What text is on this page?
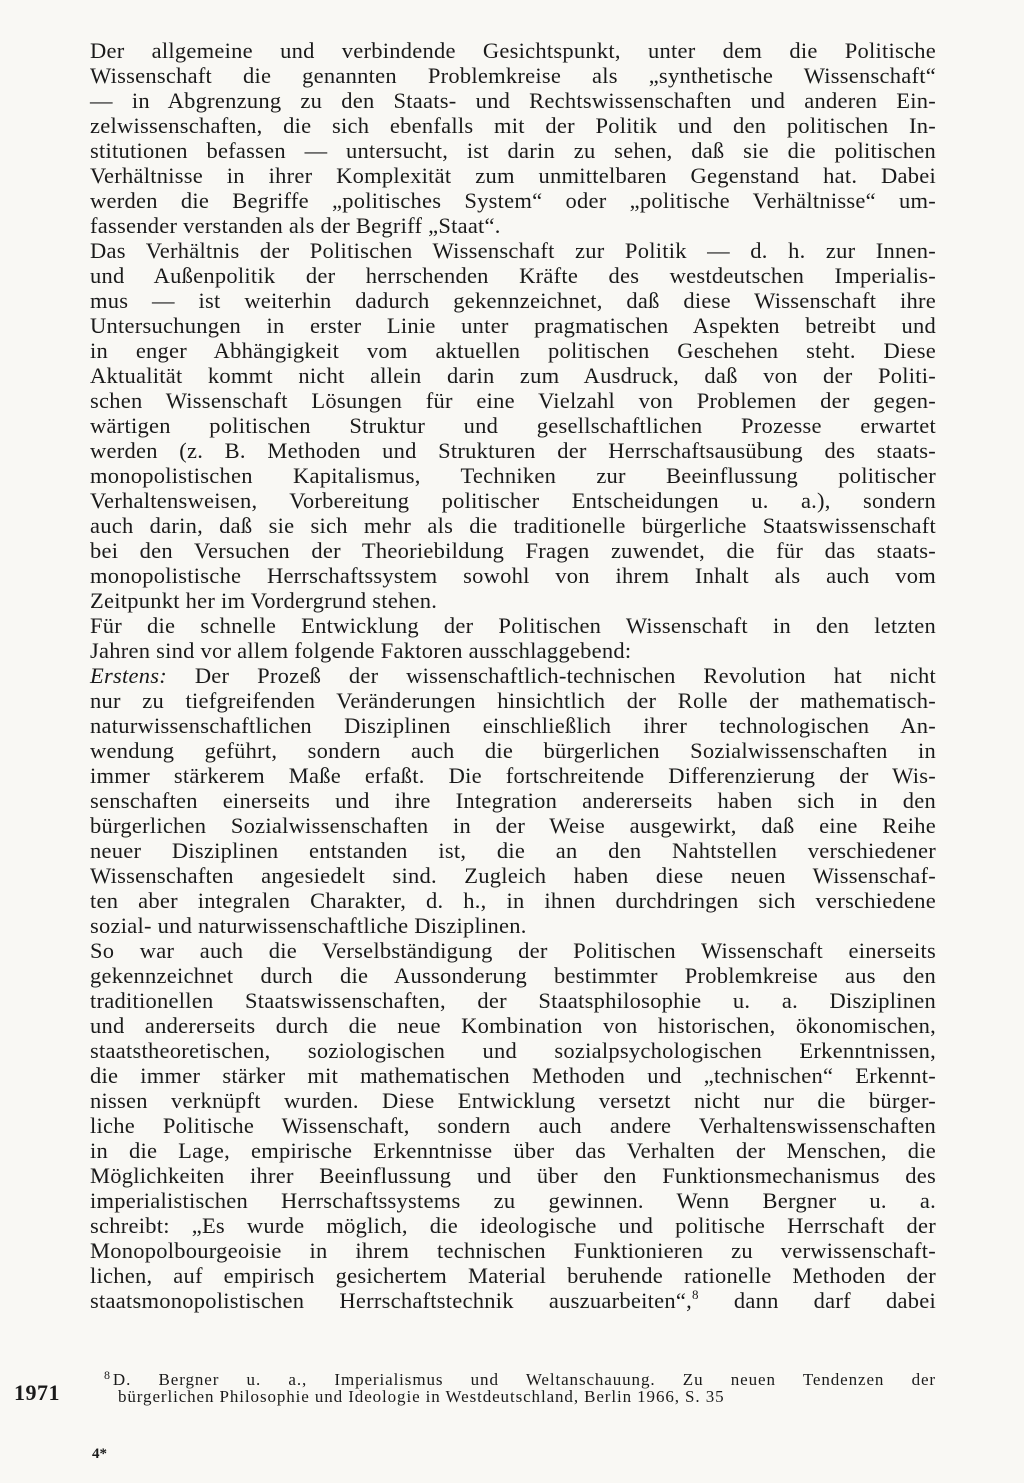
Der allgemeine und verbindende Gesichtspunkt, unter dem die Politische
Wissenschaft die genannten Problemkreise als „synthetische Wissenschaft“
— in Abgrenzung zu den Staats- und Rechtswissenschaften und anderen Ein-
zelwissenschaften, die sich ebenfalls mit der Politik und den politischen In-
stitutionen befassen — untersucht, ist darin zu sehen, daß sie die politischen
Verhältnisse in ihrer Komplexität zum unmittelbaren Gegenstand hat. Dabei
werden die Begriffe „politisches System“ oder „politische Verhältnisse“ um-
fassender verstanden als der Begriff „Staat“.
Das Verhältnis der Politischen Wissenschaft zur Politik — d. h. zur Innen-
und Außenpolitik der herrschenden Kräfte des westdeutschen Imperialis-
mus — ist weiterhin dadurch gekennzeichnet, daß diese Wissenschaft ihre
Untersuchungen in erster Linie unter pragmatischen Aspekten betreibt und
in enger Abhängigkeit vom aktuellen politischen Geschehen steht. Diese
Aktualität kommt nicht allein darin zum Ausdruck, daß von der Politi-
schen Wissenschaft Lösungen für eine Vielzahl von Problemen der gegen-
wärtigen politischen Struktur und gesellschaftlichen Prozesse erwartet
werden (z. B. Methoden und Strukturen der Herrschaftsausübung des staats-
monopolistischen Kapitalismus, Techniken zur Beeinflussung politischer
Verhaltensweisen, Vorbereitung politischer Entscheidungen u. a.), sondern
auch darin, daß sie sich mehr als die traditionelle bürgerliche Staatswissenschaft
bei den Versuchen der Theoriebildung Fragen zuwendet, die für das staats-
monopolistische Herrschaftssystem sowohl von ihrem Inhalt als auch vom
Zeitpunkt her im Vordergrund stehen.
Für die schnelle Entwicklung der Politischen Wissenschaft in den letzten
Jahren sind vor allem folgende Faktoren ausschlaggebend:
Erstens: Der Prozeß der wissenschaftlich-technischen Revolution hat nicht
nur zu tiefgreifenden Veränderungen hinsichtlich der Rolle der mathematisch-
naturwissenschaftlichen Disziplinen einschließlich ihrer technologischen An-
wendung geführt, sondern auch die bürgerlichen Sozialwissenschaften in
immer stärkerem Maße erfaßt. Die fortschreitende Differenzierung der Wis-
senschaften einerseits und ihre Integration andererseits haben sich in den
bürgerlichen Sozialwissenschaften in der Weise ausgewirkt, daß eine Reihe
neuer Disziplinen entstanden ist, die an den Nahtstellen verschiedener
Wissenschaften angesiedelt sind. Zugleich haben diese neuen Wissenschaf-
ten aber integralen Charakter, d. h., in ihnen durchdringen sich verschiedene
sozial- und naturwissenschaftliche Disziplinen.
So war auch die Verselbständigung der Politischen Wissenschaft einerseits
gekennzeichnet durch die Aussonderung bestimmter Problemkreise aus den
traditionellen Staatswissenschaften, der Staatsphilosophie u. a. Disziplinen
und andererseits durch die neue Kombination von historischen, ökonomischen,
staatstheoretischen, soziologischen und sozialpsychologischen Erkenntnissen,
die immer stärker mit mathematischen Methoden und „technischen“ Erkennt-
nissen verknüpft wurden. Diese Entwicklung versetzt nicht nur die bürger-
liche Politische Wissenschaft, sondern auch andere Verhaltenswissenschaften
in die Lage, empirische Erkenntnisse über das Verhalten der Menschen, die
Möglichkeiten ihrer Beeinflussung und über den Funktionsmechanismus des
imperialistischen Herrschaftssystems zu gewinnen. Wenn Bergner u. a.
schreibt: „Es wurde möglich, die ideologische und politische Herrschaft der
Monopolbourgeoisie in ihrem technischen Funktionieren zu verwissenschaft-
lichen, auf empirisch gesichertem Material beruhende rationelle Methoden der
staatsmonopolistischen Herrschaftstechnik auszuarbeiten“,$^8$ dann darf dabei
$^8$ D. Bergner u. a., Imperialismus und Weltanschauung. Zu neuen Tendenzen der
bürgerlichen Philosophie und Ideologie in Westdeutschland, Berlin 1966, S. 35
1971
4*
